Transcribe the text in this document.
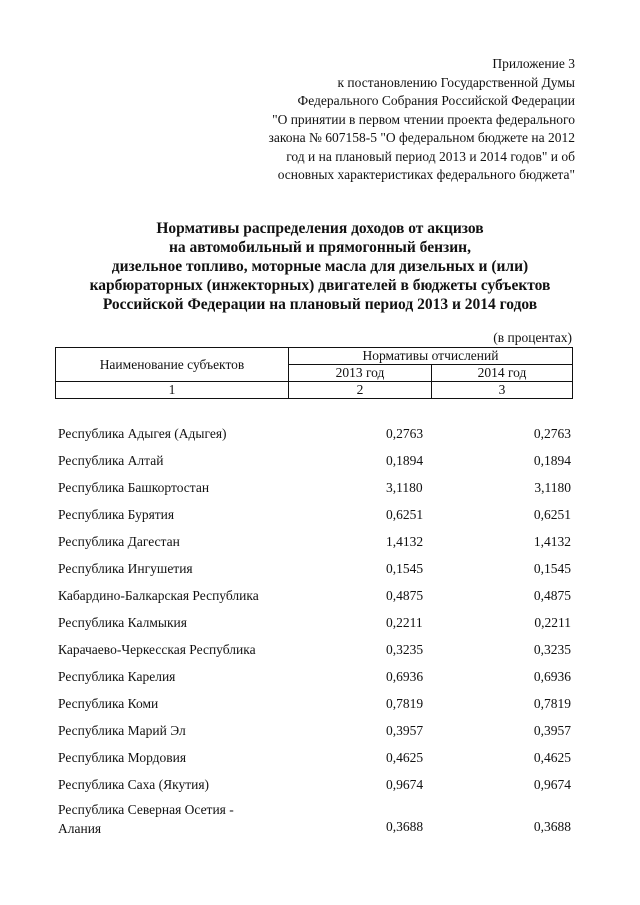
Приложение 3
к постановлению Государственной Думы
Федерального Собрания Российской Федерации
"О принятии в первом чтении проекта федерального
закона № 607158-5 "О федеральном бюджете на 2012
год и на плановый период 2013 и 2014 годов" и об
основных характеристиках федерального бюджета"
Нормативы распределения доходов от акцизов
на автомобильный и прямогонный бензин,
дизельное топливо, моторные масла для дизельных и (или)
карбюраторных (инжекторных) двигателей в бюджеты субъектов
Российской Федерации на плановый период 2013 и 2014 годов
(в процентах)
Наименование субъектов	Нормативы отчислений	
	2013 год	2014 год
1	2	3
Республика Адыгея (Адыгея)	0,2763	0,2763
Республика Алтай	0,1894	0,1894
Республика Башкортостан	3,1180	3,1180
Республика Бурятия	0,6251	0,6251
Республика Дагестан	1,4132	1,4132
Республика Ингушетия	0,1545	0,1545
Кабардино-Балкарская Республика	0,4875	0,4875
Республика Калмыкия	0,2211	0,2211
Карачаево-Черкесская Республика	0,3235	0,3235
Республика Карелия	0,6936	0,6936
Республика Коми	0,7819	0,7819
Республика Марий Эл	0,3957	0,3957
Республика Мордовия	0,4625	0,4625
Республика Саха (Якутия)	0,9674	0,9674
Республика Северная Осетия -
Алания	0,3688	0,3688
